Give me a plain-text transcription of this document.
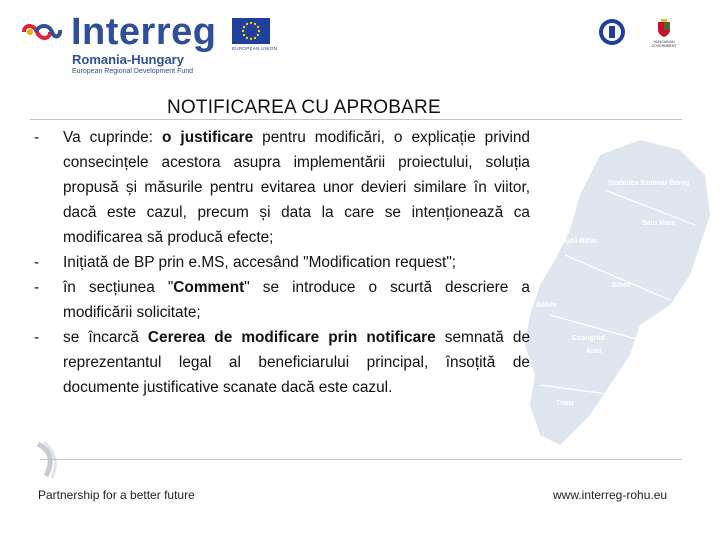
Interreg
Romania-Hungary
European Regional Development Fund
EUROPEAN UNION
HUNGARIAN GOVERNMENT
Szabolcs Szatmár Bereg
Satu Mare
Hajdú-Bihar
Bihor
Békés
Arad
Csongrád
Timiș
NOTIFICAREA CU APROBARE
- Va cuprinde: o justificare pentru modificări, o explicație privind consecințele acestora asupra implementării proiectului, soluția propusă și măsurile pentru evitarea unor devieri similare în viitor, dacă este cazul, precum și data la care se intenționează ca modificarea să producă efecte;
- Inițiată de BP prin e.MS, accesând "Modification request";
- în secțiunea "Comment" se introduce o scurtă descriere a modificării solicitate;
- se încarcă Cererea de modificare prin notificare semnată de reprezentantul legal al beneficiarului principal, însoțită de documente justificative scanate dacă este cazul.
Partnership for a better future	www.interreg-rohu.eu
